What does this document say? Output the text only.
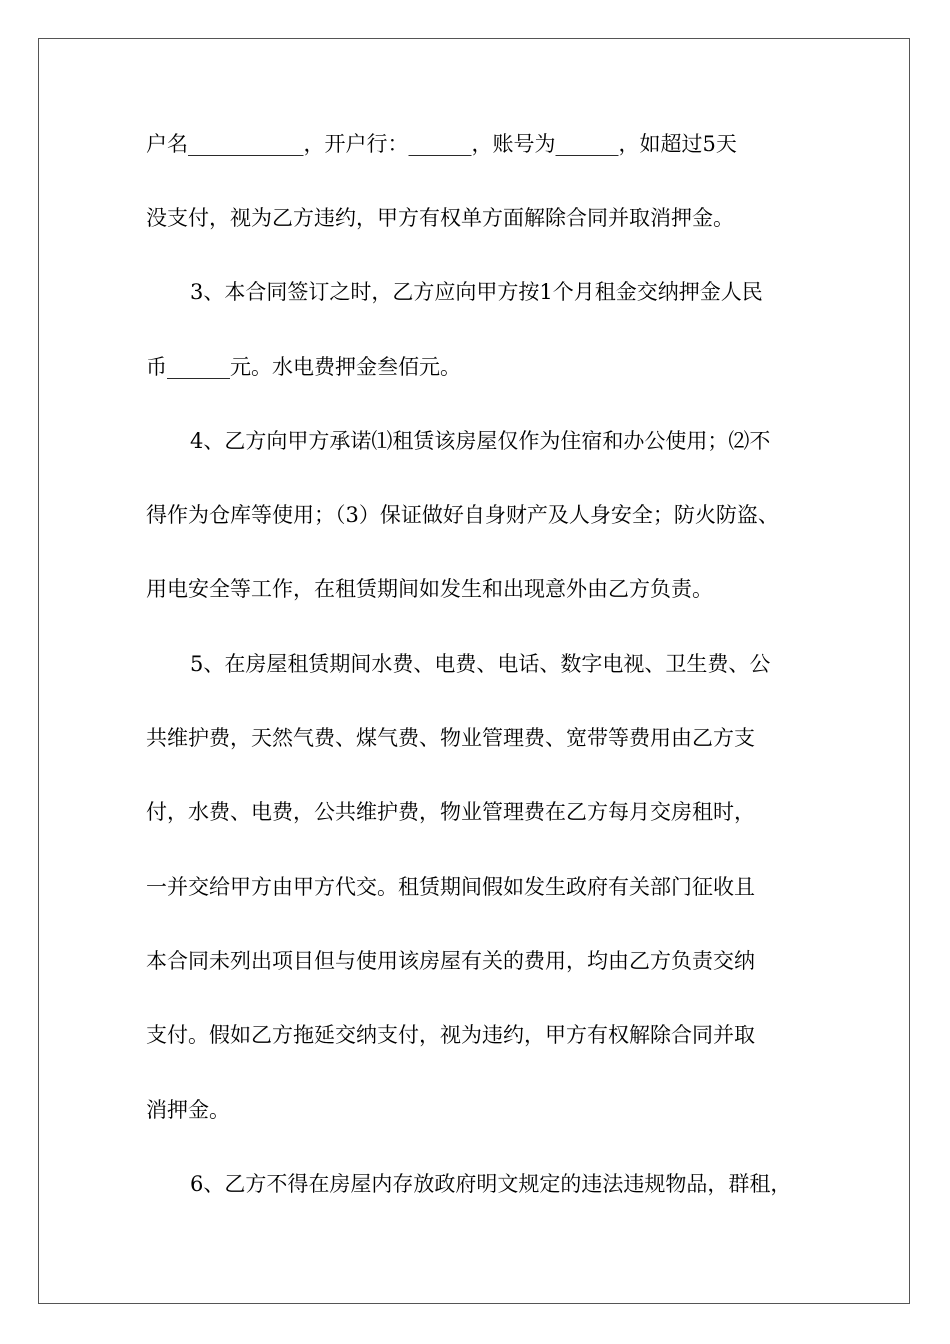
户名___________，开户行：______，账号为______，如超过5天
没支付，视为乙方违约，甲方有权单方面解除合同并取消押金。
3、本合同签订之时，乙方应向甲方按1个月租金交纳押金人民
币______元。水电费押金叁佰元。
4、乙方向甲方承诺⑴租赁该房屋仅作为住宿和办公使用；⑵不
得作为仓库等使用；（3）保证做好自身财产及人身安全；防火防盗、
用电安全等工作，在租赁期间如发生和出现意外由乙方负责。
5、在房屋租赁期间水费、电费、电话、数字电视、卫生费、公
共维护费，天然气费、煤气费、物业管理费、宽带等费用由乙方支
付，水费、电费，公共维护费，物业管理费在乙方每月交房租时，
一并交给甲方由甲方代交。租赁期间假如发生政府有关部门征收且
本合同未列出项目但与使用该房屋有关的费用，均由乙方负责交纳
支付。假如乙方拖延交纳支付，视为违约，甲方有权解除合同并取
消押金。
6、乙方不得在房屋内存放政府明文规定的违法违规物品，群租，
